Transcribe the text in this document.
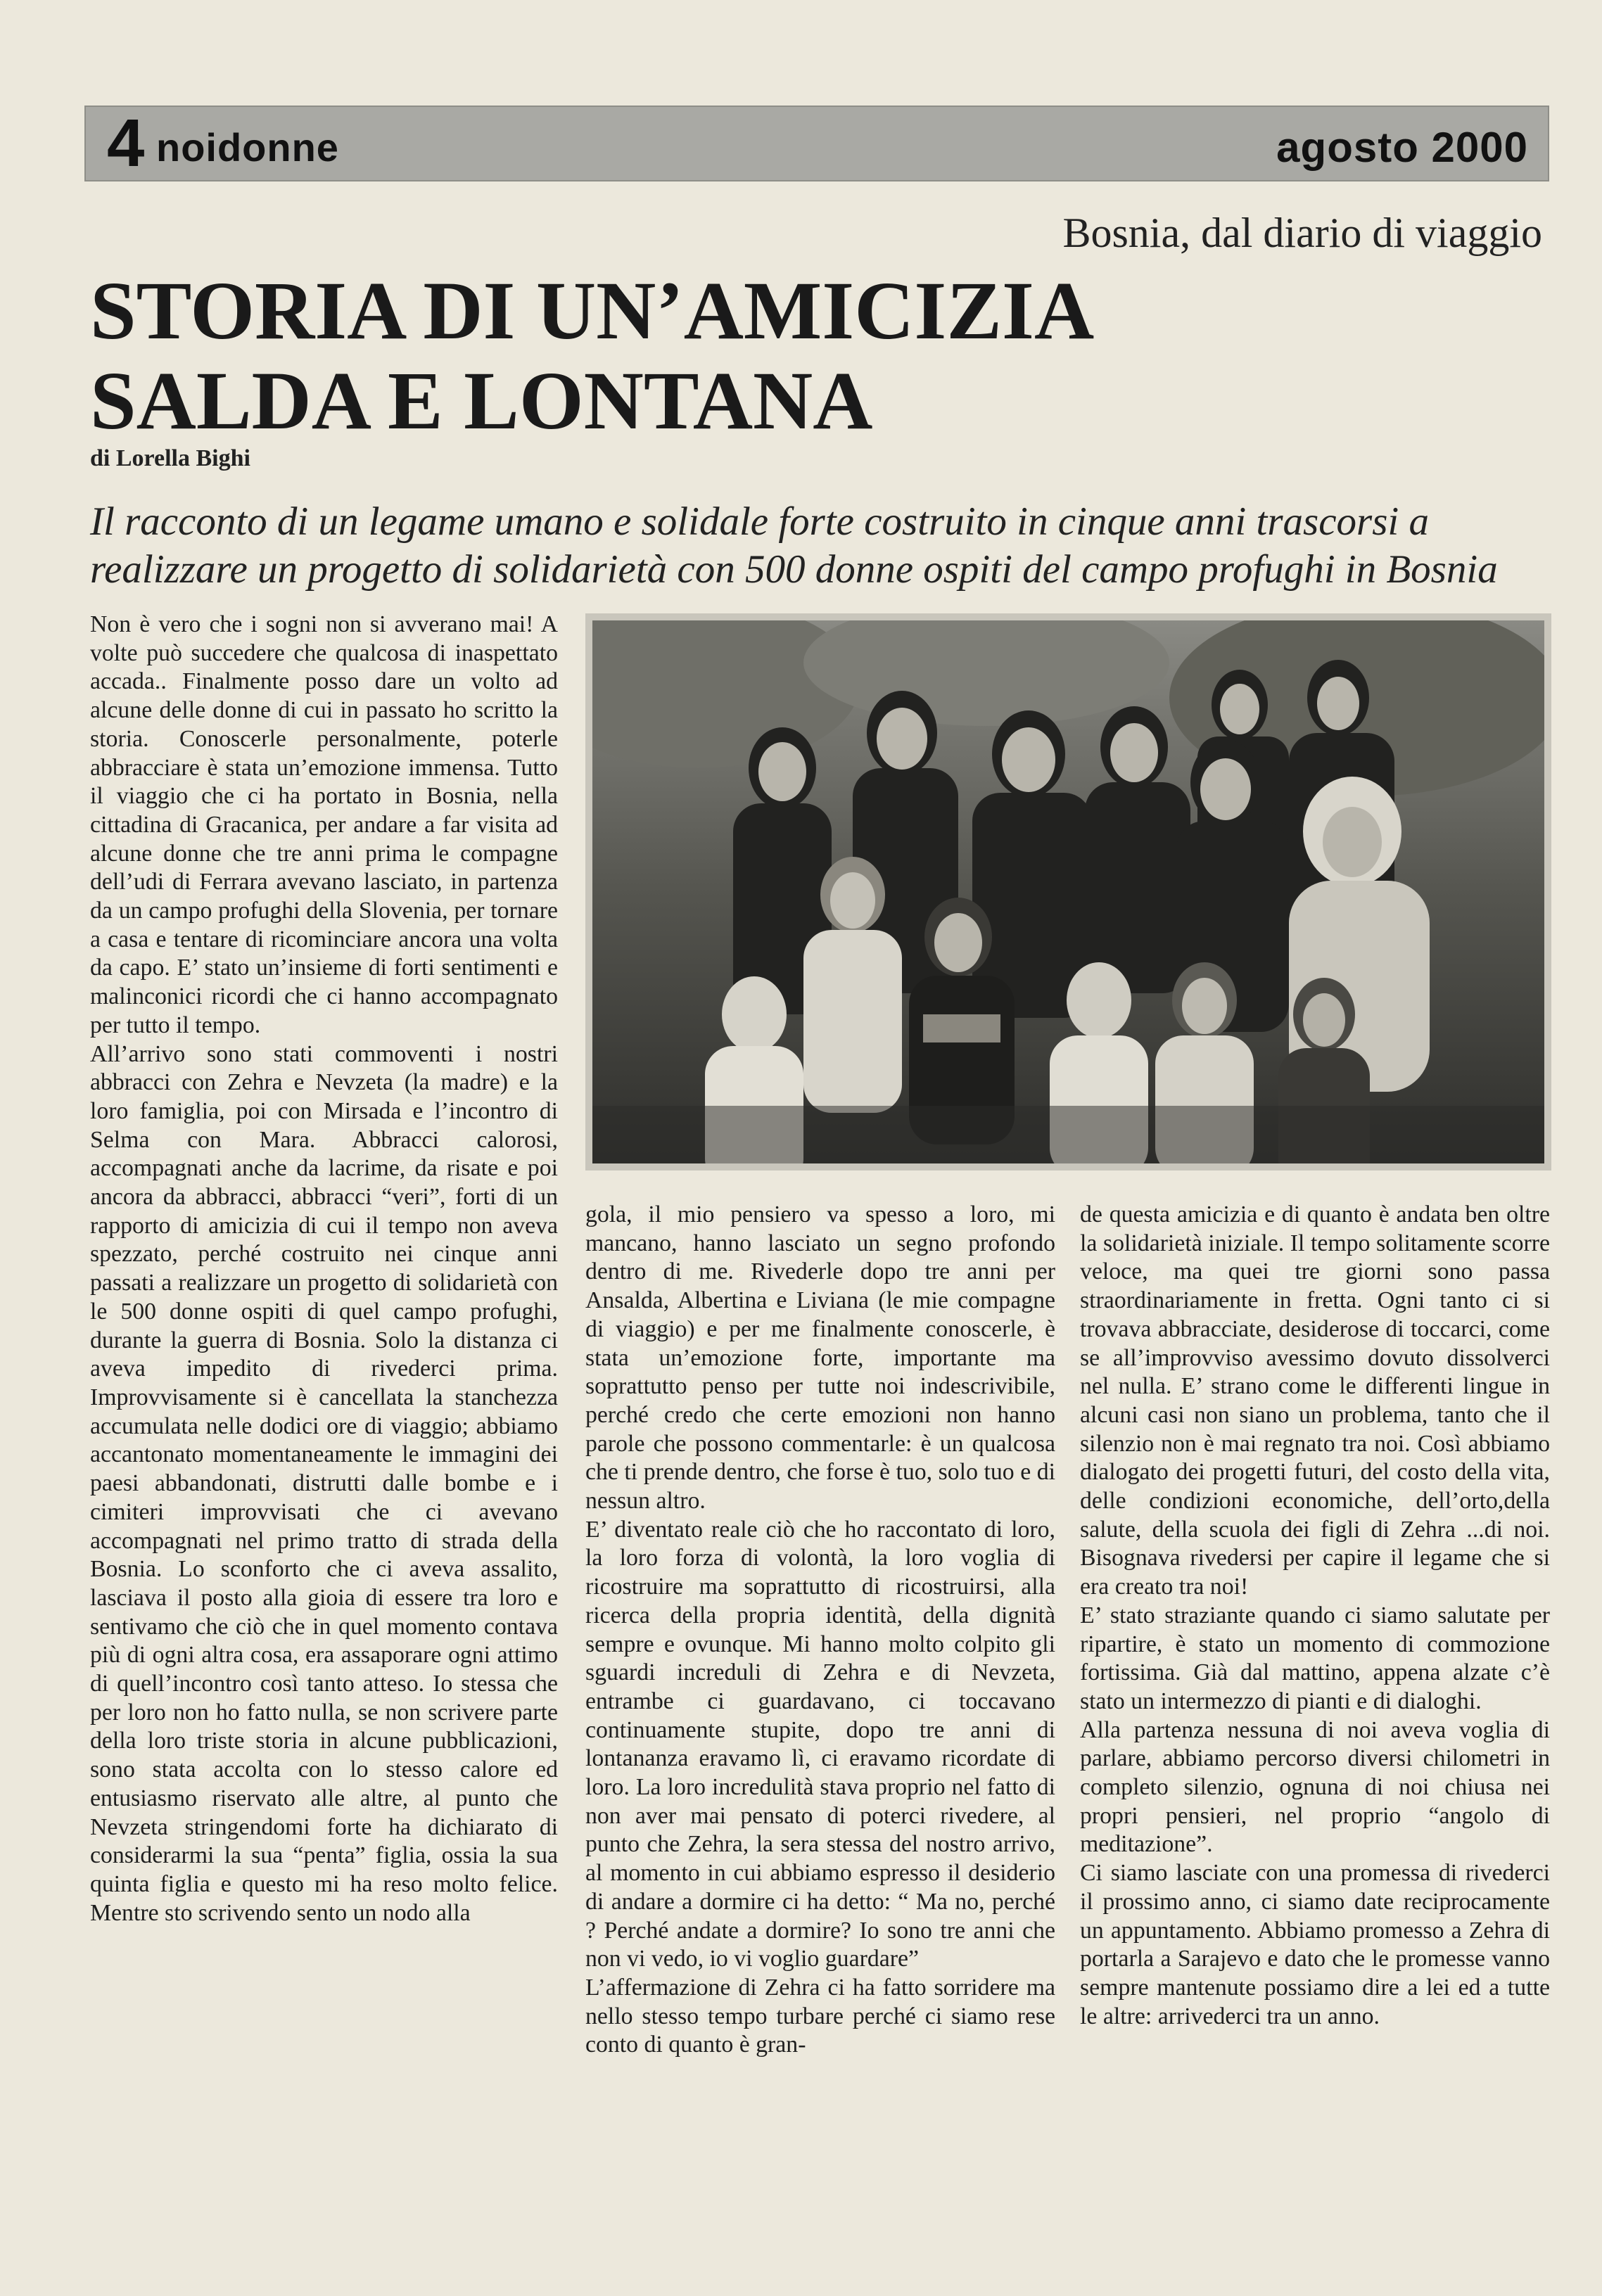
4 noidonne	agosto 2000
Bosnia, dal diario di viaggio
STORIA DI UN’AMICIZIA
SALDA E LONTANA
di Lorella Bighi
Il racconto di un legame umano e solidale forte costruito in cinque anni trascorsi a realizzare un progetto di solidarietà con 500 donne ospiti del campo profughi in Bosnia

Non è vero che i sogni non si avverano mai! A volte può succedere che qualcosa di inaspettato accada.. Finalmente posso dare un volto ad alcune delle donne di cui in passato ho scritto la storia. Conoscerle personalmente, poterle abbracciare è stata un’emozione immensa. Tutto il viaggio che ci ha portato in Bosnia, nella cittadina di Gracanica, per andare a far visita ad alcune donne che tre anni prima le compagne dell’udi di Ferrara avevano lasciato, in partenza da un campo profughi della Slovenia, per tornare a casa e tentare di ricominciare ancora una volta da capo. E’ stato un’insieme di forti sentimenti e malinconici ricordi che ci hanno accompagnato per tutto il tempo.

All’arrivo sono stati commoventi i nostri abbracci con Zehra e Nevzeta (la madre) e la loro famiglia, poi con Mirsada e l’incontro di Selma con Mara. Abbracci calorosi, accompagnati anche da lacrime, da risate e poi ancora da abbracci, abbracci “veri”, forti di un rapporto di amicizia di cui il tempo non aveva spezzato, perché costruito nei cinque anni passati a realizzare un progetto di solidarietà con le 500 donne ospiti di quel campo profughi, durante la guerra di Bosnia. Solo la distanza ci aveva impedito di rivederci prima. Improvvisamente si è cancellata la stanchezza accumulata nelle dodici ore di viaggio; abbiamo accantonato momentaneamente le immagini dei paesi abbandonati, distrutti dalle bombe e i cimiteri improvvisati che ci avevano accompagnati nel primo tratto di strada della Bosnia. Lo sconforto che ci aveva assalito, lasciava il posto alla gioia di essere tra loro e sentivamo che ciò che in quel momento contava più di ogni altra cosa, era assaporare ogni attimo di quell’incontro così tanto atteso. Io stessa che per loro non ho fatto nulla, se non scrivere parte della loro triste storia in alcune pubblicazioni, sono stata accolta con lo stesso calore ed entusiasmo riservato alle altre, al punto che Nevzeta stringendomi forte ha dichiarato di considerarmi la sua “penta” figlia, ossia la sua quinta figlia e questo mi ha reso molto felice. Mentre sto scrivendo sento un nodo alla

gola, il mio pensiero va spesso a loro, mi mancano, hanno lasciato un segno profondo dentro di me. Rivederle dopo tre anni per Ansalda, Albertina e Liviana (le mie compagne di viaggio) e per me finalmente conoscerle, è stata un’emozione forte, importante ma soprattutto penso per tutte noi indescrivibile, perché credo che certe emozioni non hanno parole che possono commentarle: è un qualcosa che ti prende dentro, che forse è tuo, solo tuo e di nessun altro.

E’ diventato reale ciò che ho raccontato di loro, la loro forza di volontà, la loro voglia di ricostruire ma soprattutto di ricostruirsi, alla ricerca della propria identità, della dignità sempre e ovunque. Mi hanno molto colpito gli sguardi increduli di Zehra e di Nevzeta, entrambe ci guardavano, ci toccavano continuamente stupite, dopo tre anni di lontananza eravamo lì, ci eravamo ricordate di loro. La loro incredulità stava proprio nel fatto di non aver mai pensato di poterci rivedere, al punto che Zehra, la sera stessa del nostro arrivo, al momento in cui abbiamo espresso il desiderio di andare a dormire ci ha detto: “ Ma no, perché ? Perché andate a dormire? Io sono tre anni che non vi vedo, io vi voglio guardare”

L’affermazione di Zehra ci ha fatto sorridere ma nello stesso tempo turbare perché ci siamo rese conto di quanto è gran-

de questa amicizia e di quanto è andata ben oltre la solidarietà iniziale. Il tempo solitamente scorre veloce, ma quei tre giorni sono passa straordinariamente in fretta. Ogni tanto ci si trovava abbracciate, desiderose di toccarci, come se all’improvviso avessimo dovuto dissolverci nel nulla. E’ strano come le differenti lingue in alcuni casi non siano un problema, tanto che il silenzio non è mai regnato tra noi. Così abbiamo dialogato dei progetti futuri, del costo della vita, delle condizioni economiche, dell’orto,della salute, della scuola dei figli di Zehra ...di noi. Bisognava rivedersi per capire il legame che si era creato tra noi!

E’ stato straziante quando ci siamo salutate per ripartire, è stato un momento di commozione fortissima. Già dal mattino, appena alzate c’è stato un intermezzo di pianti e di dialoghi.

Alla partenza nessuna di noi aveva voglia di parlare, abbiamo percorso diversi chilometri in completo silenzio, ognuna di noi chiusa nei propri pensieri, nel proprio “angolo di meditazione”.

Ci siamo lasciate con una promessa di rivederci il prossimo anno, ci siamo date reciprocamente un appuntamento. Abbiamo promesso a Zehra di portarla a Sarajevo e dato che le promesse vanno sempre mantenute possiamo dire a lei ed a tutte le altre: arrivederci tra un anno.
